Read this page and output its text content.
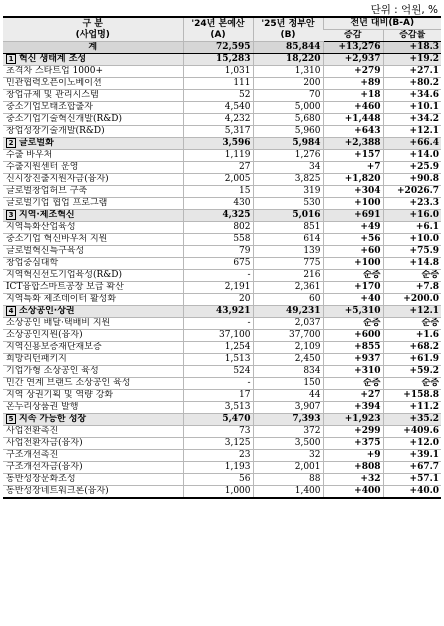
단위 : 억원, %
구 분
(사업명)	'24년 본예산
(A)	'25년 정부안
(B)	전년 대비(B-A)	
			증감	증감률
계	72,595	85,844	+13,276	+18.3
1 혁신 생태계 조성	15,283	18,220	+2,937	+19.2
초격차 스타트업 1000+	1,031	1,310	+279	+27.1
민관협력오픈이노베이션	111	200	+89	+80.2
창업규제 및 관리시스템	52	70	+18	+34.6
중소기업모태조합출자	4,540	5,000	+460	+10.1
중소기업기술혁신개발(R&D)	4,232	5,680	+1,448	+34.2
창업성장기술개발(R&D)	5,317	5,960	+643	+12.1
2 글로벌화	3,596	5,984	+2,388	+66.4
수출 바우처	1,119	1,276	+157	+14.0
수출지원센터 운영	27	34	+7	+25.9
신시장진출지원자금(융자)	2,005	3,825	+1,820	+90.8
글로벌창업허브 구축	15	319	+304	+2026.7
글로벌기업 협업 프로그램	430	530	+100	+23.3
3 지역·제조혁신	4,325	5,016	+691	+16.0
지역특화산업육성	802	851	+49	+6.1
중소기업 혁신바우처 지원	558	614	+56	+10.0
글로벌혁신특구육성	79	139	+60	+75.9
창업중심대학	675	775	+100	+14.8
지역혁신선도기업육성(R&D)	-	216	순증	순증
ICT융합스마트공장 보급 확산	2,191	2,361	+170	+7.8
지역특화 제조데이터 활성화	20	60	+40	+200.0
4 소상공인·상권	43,921	49,231	+5,310	+12.1
소상공인 배달·택배비 지원	-	2,037	순증	순증
소상공인지원(융자)	37,100	37,700	+600	+1.6
지역신용보증재단재보증	1,254	2,109	+855	+68.2
희망리턴패키지	1,513	2,450	+937	+61.9
기업가형 소상공인 육성	524	834	+310	+59.2
민간 연계 브랜드 소상공인 육성	-	150	순증	순증
지역 상권기획 및 역량 강화	17	44	+27	+158.8
온누리상품권 발행	3,513	3,907	+394	+11.2
5 지속 가능한 성장	5,470	7,393	+1,923	+35.2
사업전환촉진	73	372	+299	+409.6
사업전환자금(융자)	3,125	3,500	+375	+12.0
구조개선촉진	23	32	+9	+39.1
구조개선자금(융자)	1,193	2,001	+808	+67.7
동반성장문화조성	56	88	+32	+57.1
동반성장네트워크론(융자)	1,000	1,400	+400	+40.0
